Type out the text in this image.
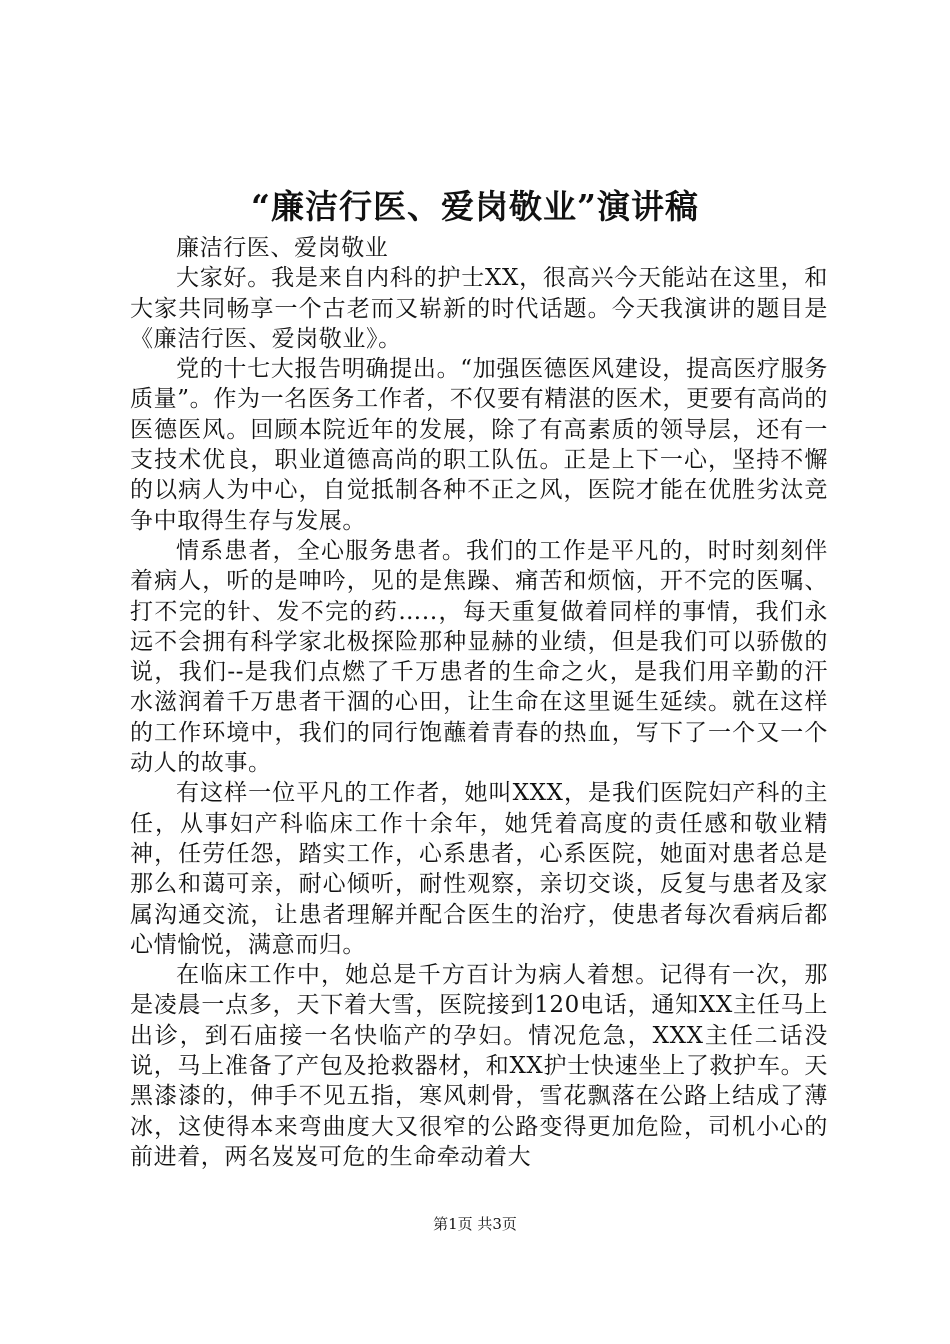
“廉洁行医、爱岗敬业”演讲稿

廉洁行医、爱岗敬业

大家好。我是来自内科的护士XX，很高兴今天能站在这里，和大家共同畅享一个古老而又崭新的时代话题。今天我演讲的题目是《廉洁行医、爱岗敬业》。

党的十七大报告明确提出。“加强医德医风建设，提高医疗服务质量”。作为一名医务工作者，不仅要有精湛的医术，更要有高尚的医德医风。回顾本院近年的发展，除了有高素质的领导层，还有一支技术优良，职业道德高尚的职工队伍。正是上下一心，坚持不懈的以病人为中心，自觉抵制各种不正之风，医院才能在优胜劣汰竞争中取得生存与发展。

情系患者，全心服务患者。我们的工作是平凡的，时时刻刻伴着病人，听的是呻吟，见的是焦躁、痛苦和烦恼，开不完的医嘱、打不完的针、发不完的药…..，每天重复做着同样的事情，我们永远不会拥有科学家北极探险那种显赫的业绩，但是我们可以骄傲的说，我们--是我们点燃了千万患者的生命之火，是我们用辛勤的汗水滋润着千万患者干涸的心田，让生命在这里诞生延续。就在这样的工作环境中，我们的同行饱蘸着青春的热血，写下了一个又一个动人的故事。

有这样一位平凡的工作者，她叫XXX，是我们医院妇产科的主任，从事妇产科临床工作十余年，她凭着高度的责任感和敬业精神，任劳任怨，踏实工作，心系患者，心系医院，她面对患者总是那么和蔼可亲，耐心倾听，耐性观察，亲切交谈，反复与患者及家属沟通交流，让患者理解并配合医生的治疗，使患者每次看病后都心情愉悦，满意而归。

在临床工作中，她总是千方百计为病人着想。记得有一次，那是凌晨一点多，天下着大雪，医院接到120电话，通知XX主任马上出诊，到石庙接一名快临产的孕妇。情况危急，XXX主任二话没说，马上准备了产包及抢救器材，和XX护士快速坐上了救护车。天黑漆漆的，伸手不见五指，寒风刺骨，雪花飘落在公路上结成了薄冰，这使得本来弯曲度大又很窄的公路变得更加危险，司机小心的前进着，两名岌岌可危的生命牵动着大

第1页 共3页
